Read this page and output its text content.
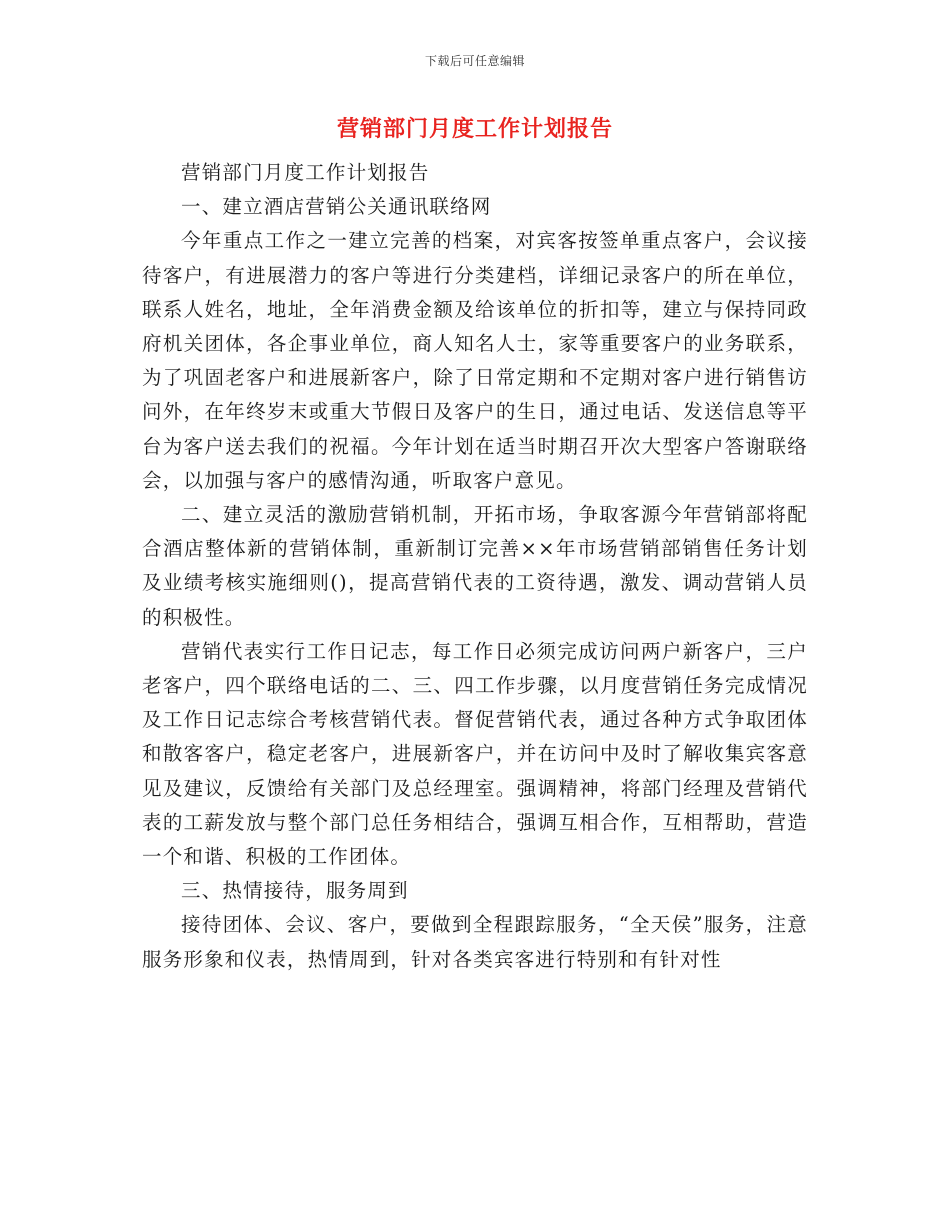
下载后可任意编辑
营销部门月度工作计划报告

营销部门月度工作计划报告

一、建立酒店营销公关通讯联络网

今年重点工作之一建立完善的档案，对宾客按签单重点客户，会议接待客户，有进展潜力的客户等进行分类建档，详细记录客户的所在单位，联系人姓名，地址，全年消费金额及给该单位的折扣等，建立与保持同政府机关团体，各企事业单位，商人知名人士，家等重要客户的业务联系，为了巩固老客户和进展新客户，除了日常定期和不定期对客户进行销售访问外，在年终岁末或重大节假日及客户的生日，通过电话、发送信息等平台为客户送去我们的祝福。今年计划在适当时期召开次大型客户答谢联络会，以加强与客户的感情沟通，听取客户意见。

二、建立灵活的激励营销机制，开拓市场，争取客源今年营销部将配合酒店整体新的营销体制，重新制订完善××年市场营销部销售任务计划及业绩考核实施细则()，提高营销代表的工资待遇，激发、调动营销人员的积极性。

营销代表实行工作日记志，每工作日必须完成访问两户新客户，三户老客户，四个联络电话的二、三、四工作步骤，以月度营销任务完成情况及工作日记志综合考核营销代表。督促营销代表，通过各种方式争取团体和散客客户，稳定老客户，进展新客户，并在访问中及时了解收集宾客意见及建议，反馈给有关部门及总经理室。强调精神，将部门经理及营销代表的工薪发放与整个部门总任务相结合，强调互相合作，互相帮助，营造一个和谐、积极的工作团体。

三、热情接待，服务周到

接待团体、会议、客户，要做到全程跟踪服务，“全天侯”服务，注意服务形象和仪表，热情周到，针对各类宾客进行特别和有针对性
